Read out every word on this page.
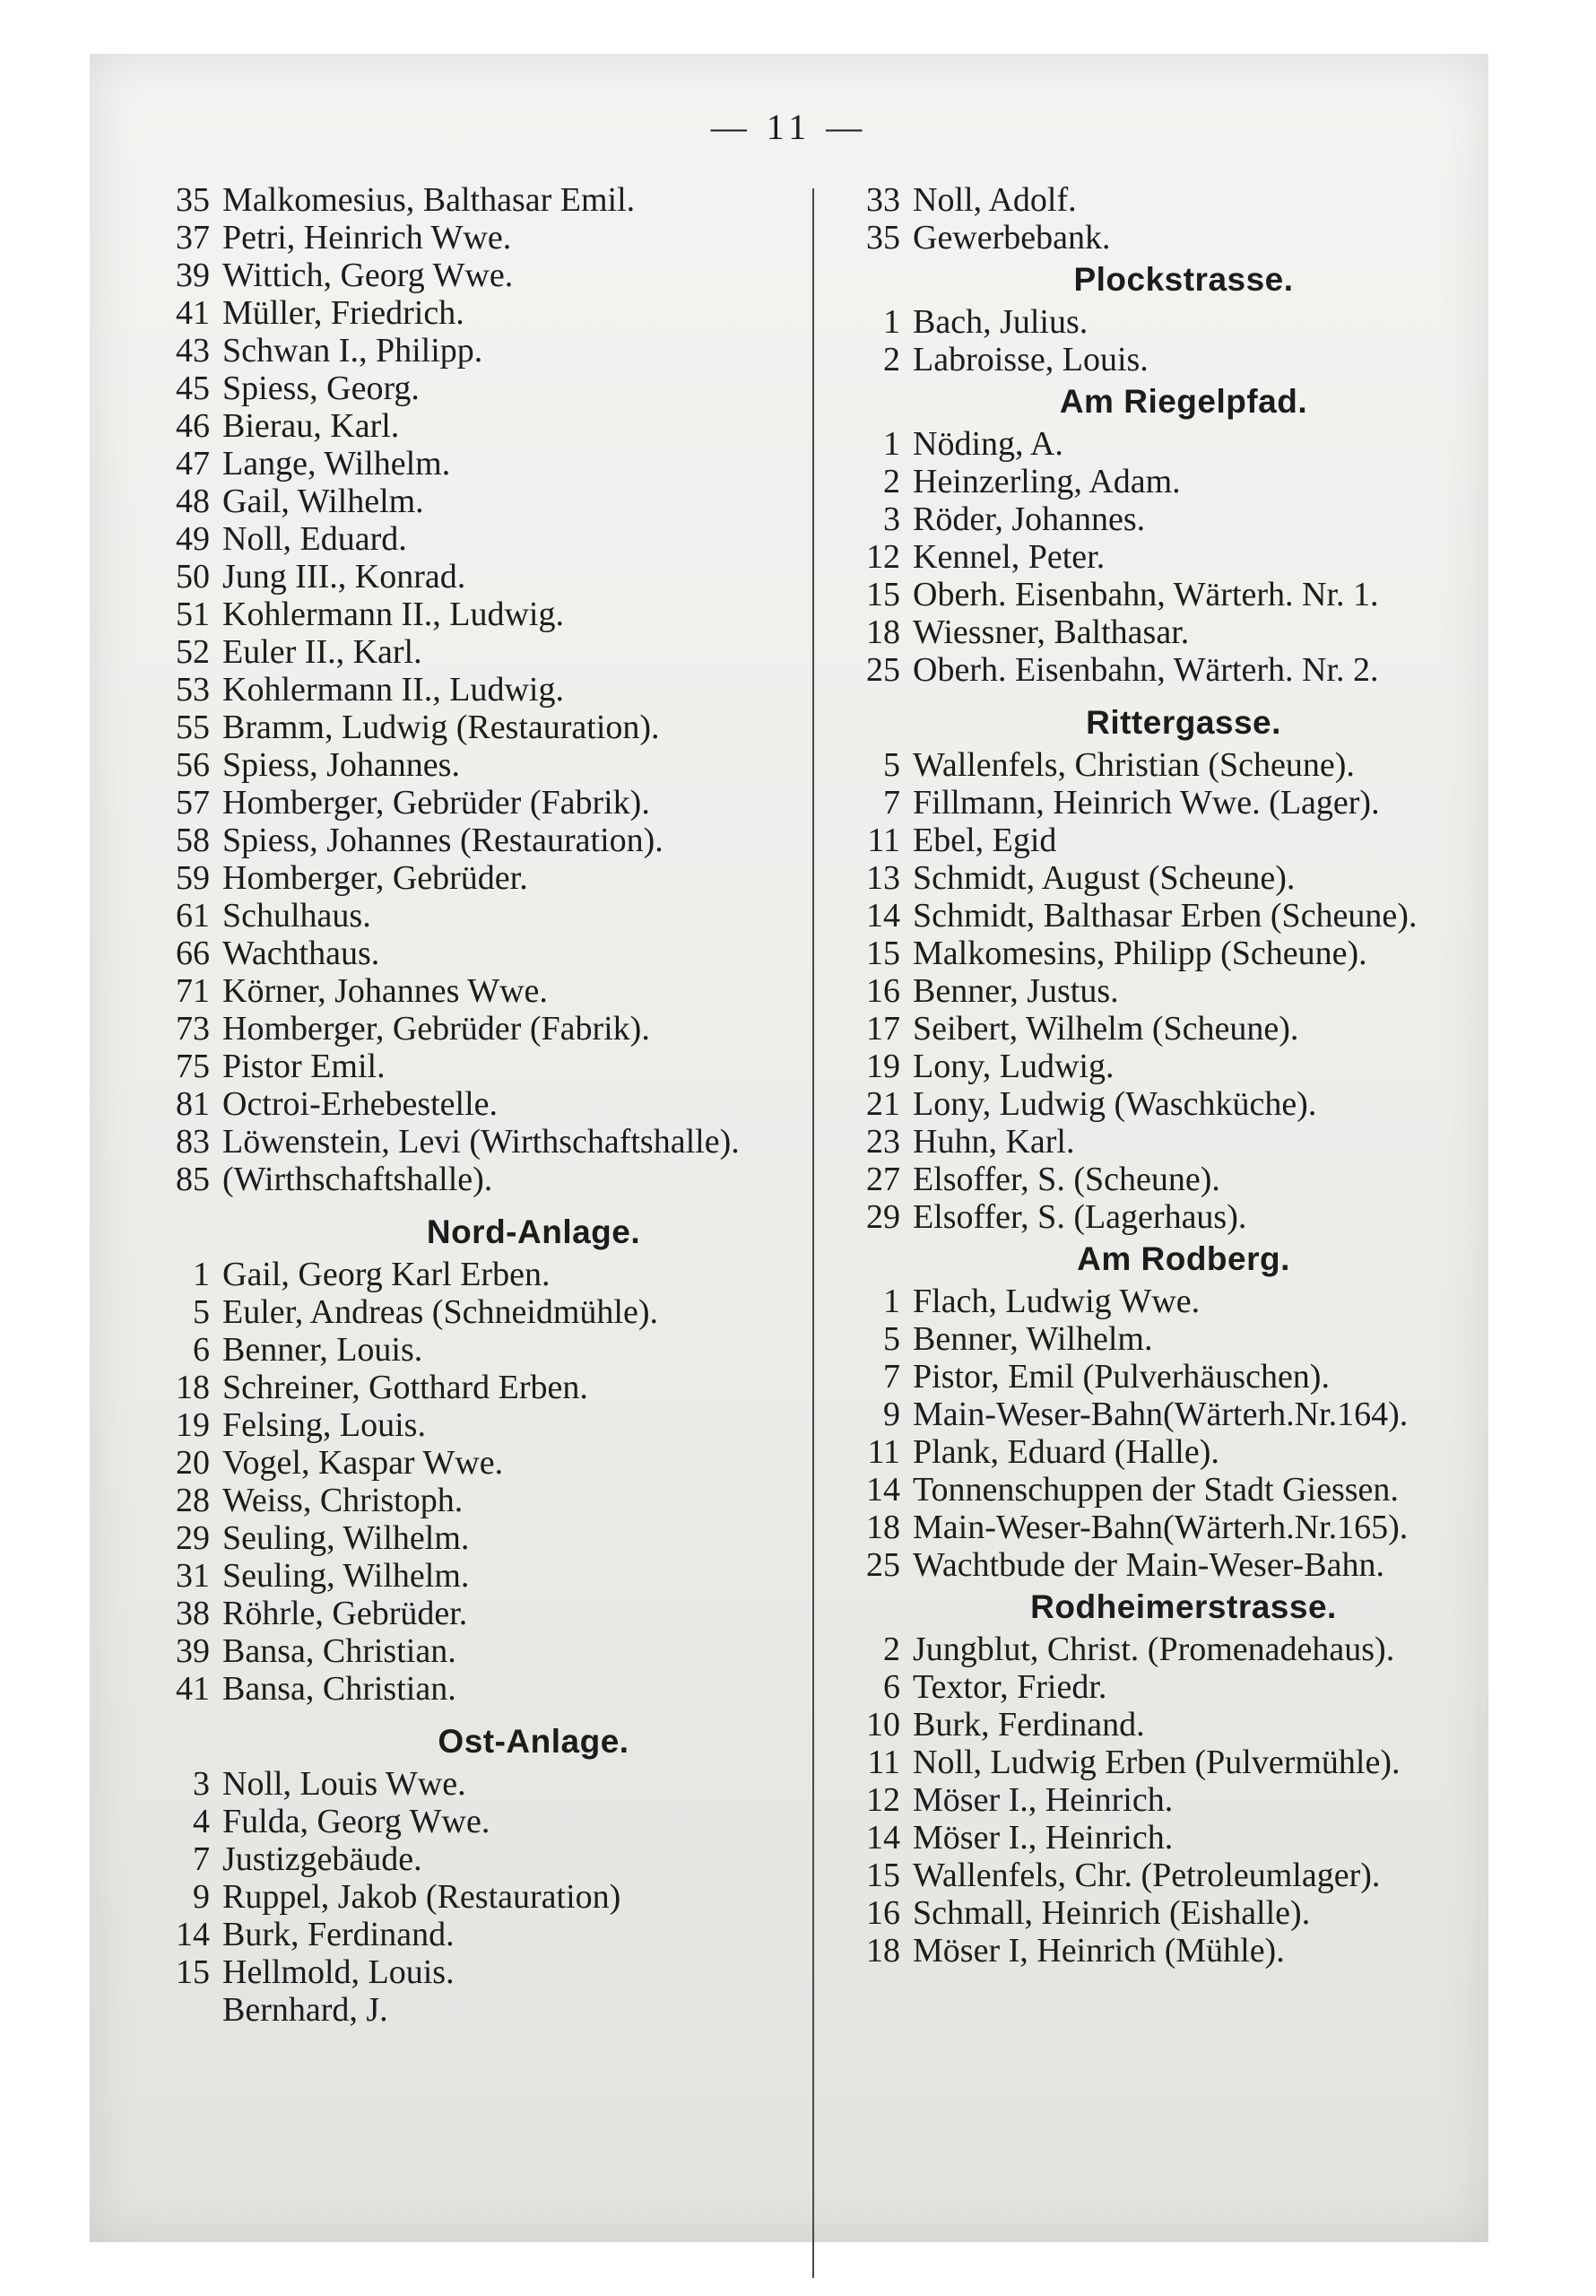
— 11 —
35 Malkomesius, Balthasar Emil.
37 Petri, Heinrich Wwe.
39 Wittich, Georg Wwe.
41 Müller, Friedrich.
43 Schwan I., Philipp.
45 Spiess, Georg.
46 Bierau, Karl.
47 Lange, Wilhelm.
48 Gail, Wilhelm.
49 Noll, Eduard.
50 Jung III., Konrad.
51 Kohlermann II., Ludwig.
52 Euler II., Karl.
53 Kohlermann II., Ludwig.
55 Bramm, Ludwig (Restauration).
56 Spiess, Johannes.
57 Homberger, Gebrüder (Fabrik).
58 Spiess, Johannes (Restauration).
59 Homberger, Gebrüder.
61 Schulhaus.
66 Wachthaus.
71 Körner, Johannes Wwe.
73 Homberger, Gebrüder (Fabrik).
75 Pistor Emil.
81 Octroi-Erhebestelle.
83 Löwenstein, Levi (Wirthschaftshalle).
85 (Wirthschaftshalle).
Nord-Anlage.
1 Gail, Georg Karl Erben.
5 Euler, Andreas (Schneidmühle).
6 Benner, Louis.
18 Schreiner, Gotthard Erben.
19 Felsing, Louis.
20 Vogel, Kaspar Wwe.
28 Weiss, Christoph.
29 Seuling, Wilhelm.
31 Seuling, Wilhelm.
38 Röhrle, Gebrüder.
39 Bansa, Christian.
41 Bansa, Christian.
Ost-Anlage.
3 Noll, Louis Wwe.
4 Fulda, Georg Wwe.
7 Justizgebäude.
9 Ruppel, Jakob (Restauration)
14 Burk, Ferdinand.
15 Hellmold, Louis.
Bernhard, J.
33 Noll, Adolf.
35 Gewerbebank.
Plockstrasse.
1 Bach, Julius.
2 Labroisse, Louis.
Am Riegelpfad.
1 Nöding, A.
2 Heinzerling, Adam.
3 Röder, Johannes.
12 Kennel, Peter.
15 Oberh. Eisenbahn, Wärterh. Nr. 1.
18 Wiessner, Balthasar.
25 Oberh. Eisenbahn, Wärterh. Nr. 2.
Rittergasse.
5 Wallenfels, Christian (Scheune).
7 Fillmann, Heinrich Wwe. (Lager).
11 Ebel, Egid
13 Schmidt, August (Scheune).
14 Schmidt, Balthasar Erben (Scheune).
15 Malkomesins, Philipp (Scheune).
16 Benner, Justus.
17 Seibert, Wilhelm (Scheune).
19 Lony, Ludwig.
21 Lony, Ludwig (Waschküche).
23 Huhn, Karl.
27 Elsoffer, S. (Scheune).
29 Elsoffer, S. (Lagerhaus).
Am Rodberg.
1 Flach, Ludwig Wwe.
5 Benner, Wilhelm.
7 Pistor, Emil (Pulverhäuschen).
9 Main-Weser-Bahn(Wärterh.Nr.164).
11 Plank, Eduard (Halle).
14 Tonnenschuppen der Stadt Giessen.
18 Main-Weser-Bahn(Wärterh.Nr.165).
25 Wachtbude der Main-Weser-Bahn.
Rodheimerstrasse.
2 Jungblut, Christ. (Promenadehaus).
6 Textor, Friedr.
10 Burk, Ferdinand.
11 Noll, Ludwig Erben (Pulvermühle).
12 Möser I., Heinrich.
14 Möser I., Heinrich.
15 Wallenfels, Chr. (Petroleumlager).
16 Schmall, Heinrich (Eishalle).
18 Möser I, Heinrich (Mühle).
